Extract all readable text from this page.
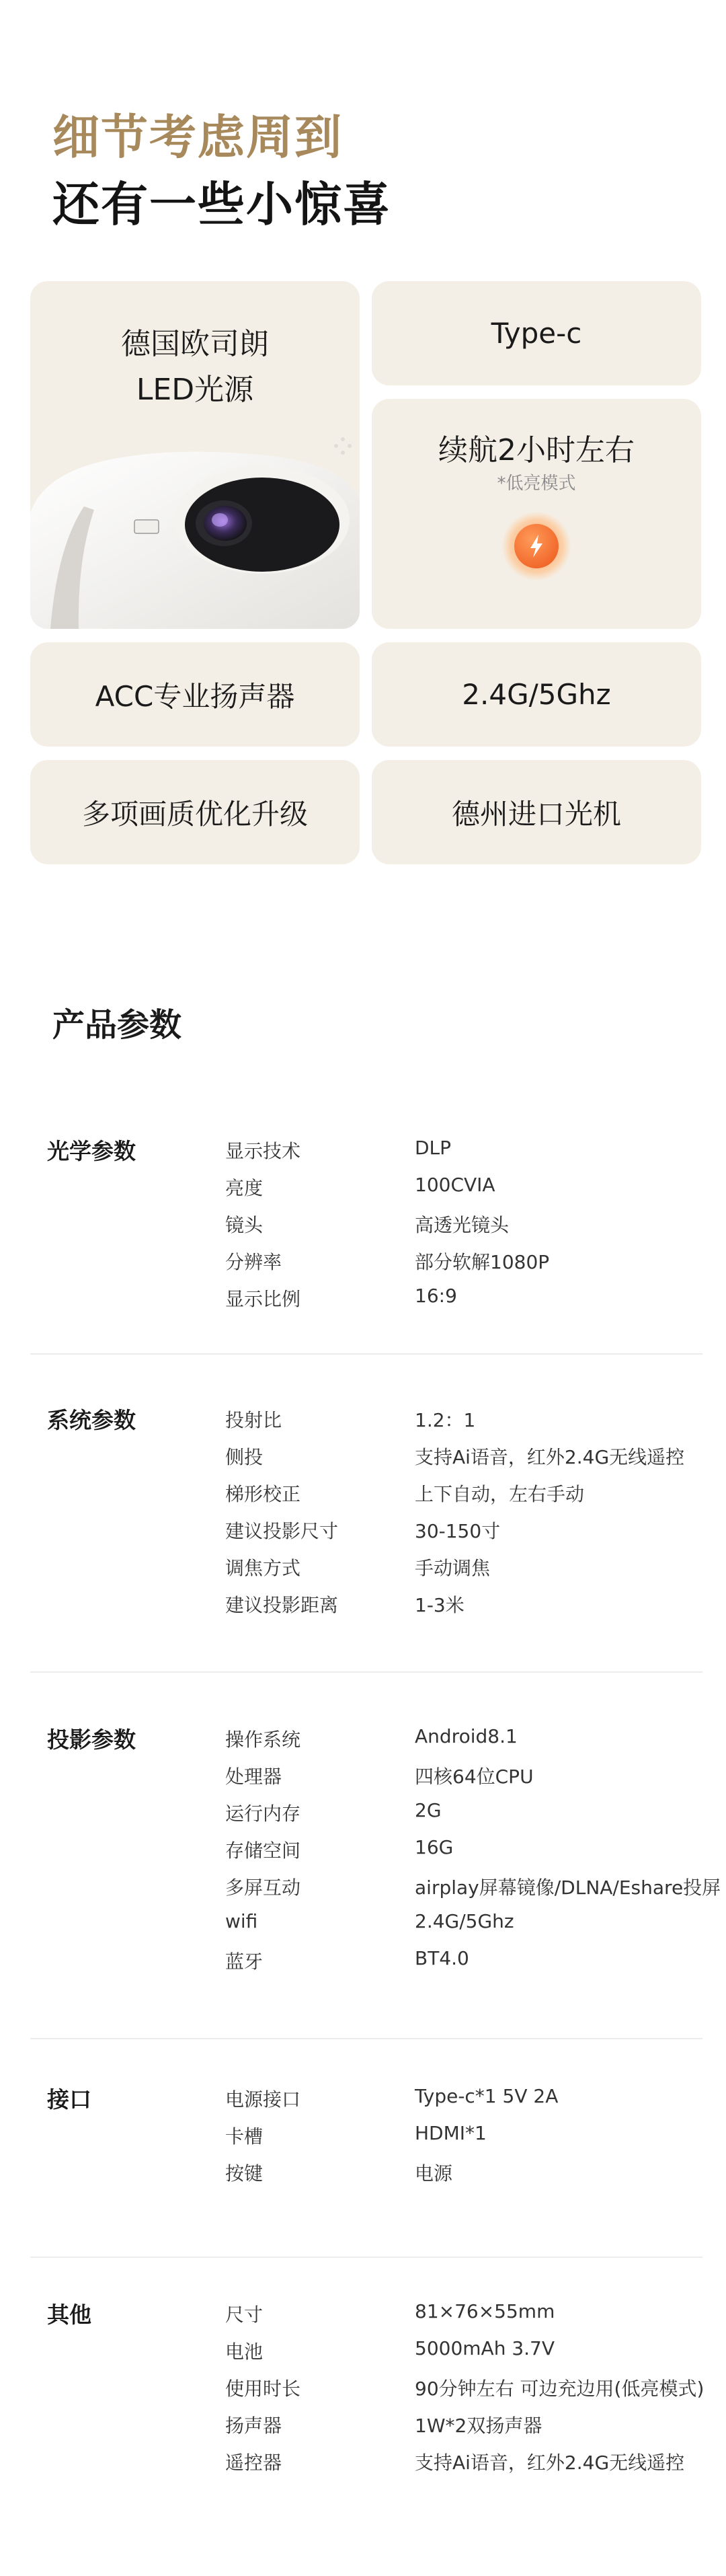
细节考虑周到
还有一些小惊喜
德国欧司朗
LED光源
Type-c
续航2小时左右
*低亮模式
ACC专业扬声器	2.4G/5Ghz
多项画质优化升级	德州进口光机
产品参数
光学参数	显示技术	DLP
亮度	100CVIA
镜头	高透光镜头
分辨率	部分软解1080P
显示比例	16:9
系统参数	投射比	1.2：1
侧投	支持Ai语音，红外2.4G无线遥控
梯形校正	上下自动，左右手动
建议投影尺寸	30-150寸
调焦方式	手动调焦
建议投影距离	1-3米
投影参数	操作系统	Android8.1
处理器	四核64位CPU
运行内存	2G
存储空间	16G
多屏互动	airplay屏幕镜像/DLNA/Eshare投屏
wifi	2.4G/5Ghz
蓝牙	BT4.0
接口	电源接口	Type-c*1 5V 2A
卡槽	HDMI*1
按键	电源
其他	尺寸	81×76×55mm
电池	5000mAh 3.7V
使用时长	90分钟左右 可边充边用(低亮模式)
扬声器	1W*2双扬声器
遥控器	支持Ai语音，红外2.4G无线遥控
